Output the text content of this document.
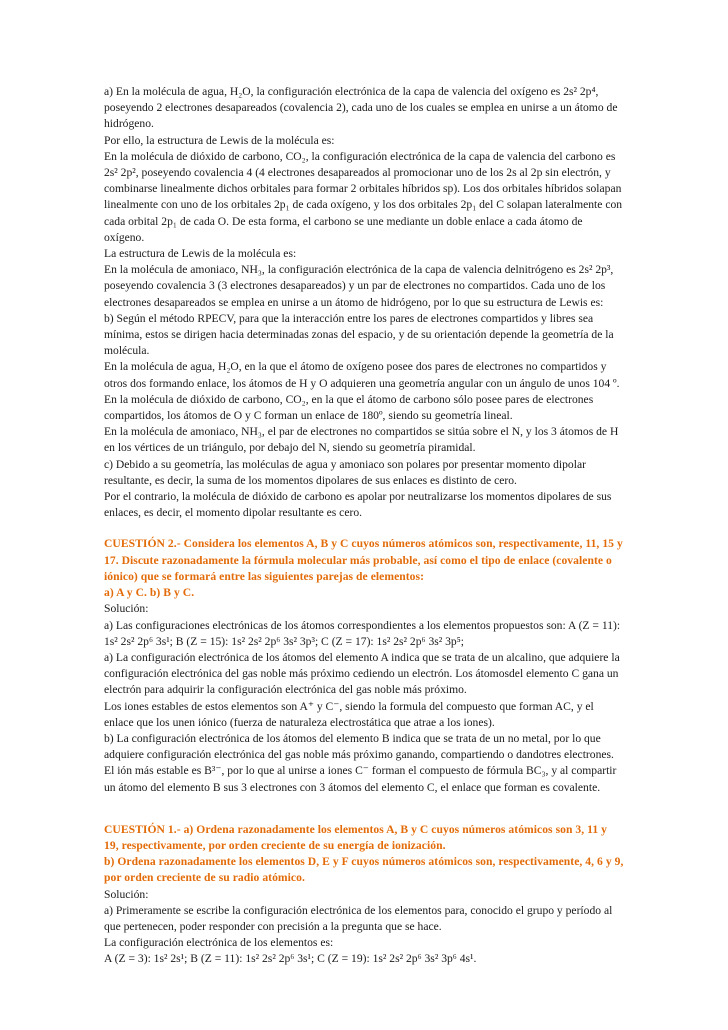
a) En la molécula de agua, H₂O, la configuración electrónica de la capa de valencia del oxígeno es 2s² 2p⁴, poseyendo 2 electrones desapareados (covalencia 2), cada uno de los cuales se emplea en unirse a un átomo de hidrógeno.

Por ello, la estructura de Lewis de la molécula es:

En la molécula de dióxido de carbono, CO₂, la configuración electrónica de la capa de valencia del carbono es 2s² 2p², poseyendo covalencia 4 (4 electrones desapareados al promocionar uno de los 2s al 2p sin electrón, y combinarse linealmente dichos orbitales para formar 2 orbitales híbridos sp). Los dos orbitales híbridos solapan linealmente con uno de los orbitales 2p₁ de cada oxígeno, y los dos orbitales 2p₁ del C solapan lateralmente con cada orbital 2p₁ de cada O. De esta forma, el carbono se une mediante un doble enlace a cada átomo de oxígeno.

La estructura de Lewis de la molécula es:

En la molécula de amoniaco, NH₃, la configuración electrónica de la capa de valencia delnitrógeno es 2s² 2p³, poseyendo covalencia 3 (3 electrones desapareados) y un par de electrones no compartidos. Cada uno de los electrones desapareados se emplea en unirse a un átomo de hidrógeno, por lo que su estructura de Lewis es:

b) Según el método RPECV, para que la interacción entre los pares de electrones compartidos y libres sea mínima, estos se dirigen hacia determinadas zonas del espacio, y de su orientación depende la geometría de la molécula.

En la molécula de agua, H₂O, en la que el átomo de oxígeno posee dos pares de electrones no compartidos y otros dos formando enlace, los átomos de H y O adquieren una geometría angular con un ángulo de unos 104 º.

En la molécula de dióxido de carbono, CO₂, en la que el átomo de carbono sólo posee pares de electrones compartidos, los átomos de O y C forman un enlace de 180º, siendo su geometría lineal.

En la molécula de amoniaco, NH₃, el par de electrones no compartidos se sitúa sobre el N, y los 3 átomos de H en los vértices de un triángulo, por debajo del N, siendo su geometría piramidal.

c) Debido a su geometría, las moléculas de agua y amoniaco son polares por presentar momento dipolar resultante, es decir, la suma de los momentos dipolares de sus enlaces es distinto de cero.

Por el contrario, la molécula de dióxido de carbono es apolar por neutralizarse los momentos dipolares de sus enlaces, es decir, el momento dipolar resultante es cero.

CUESTIÓN 2.- Considera los elementos A, B y C cuyos números atómicos son, respectivamente, 11, 15 y 17. Discute razonadamente la fórmula molecular más probable, así como el tipo de enlace (covalente o iónico) que se formará entre las siguientes parejas de elementos:

a) A y C. b) B y C.

Solución:

a) Las configuraciones electrónicas de los átomos correspondientes a los elementos propuestos son: A (Z = 11): 1s² 2s² 2p⁶ 3s¹; B (Z = 15): 1s² 2s² 2p⁶ 3s² 3p³; C (Z = 17): 1s² 2s² 2p⁶ 3s² 3p⁵;

a) La configuración electrónica de los átomos del elemento A indica que se trata de un alcalino, que adquiere la configuración electrónica del gas noble más próximo cediendo un electrón. Los átomosdel elemento C gana un electrón para adquirir la configuración electrónica del gas noble más próximo.

Los iones estables de estos elementos son A⁺ y C⁻, siendo la formula del compuesto que forman AC, y el enlace que los unen iónico (fuerza de naturaleza electrostática que atrae a los iones).

b) La configuración electrónica de los átomos del elemento B indica que se trata de un no metal, por lo que adquiere configuración electrónica del gas noble más próximo ganando, compartiendo o dandotres electrones. El ión más estable es B³⁻, por lo que al unirse a iones C⁻ forman el compuesto de fórmula BC₃, y al compartir un átomo del elemento B sus 3 electrones con 3 átomos del elemento C, el enlace que forman es covalente.

CUESTIÓN 1.- a) Ordena razonadamente los elementos A, B y C cuyos números atómicos son 3, 11 y 19, respectivamente, por orden creciente de su energía de ionización.

b) Ordena razonadamente los elementos D, E y F cuyos números atómicos son, respectivamente, 4, 6 y 9, por orden creciente de su radio atómico.

Solución:

a) Primeramente se escribe la configuración electrónica de los elementos para, conocido el grupo y período al que pertenecen, poder responder con precisión a la pregunta que se hace.

La configuración electrónica de los elementos es:

A (Z = 3): 1s² 2s¹; B (Z = 11): 1s² 2s² 2p⁶ 3s¹; C (Z = 19): 1s² 2s² 2p⁶ 3s² 3p⁶ 4s¹.
